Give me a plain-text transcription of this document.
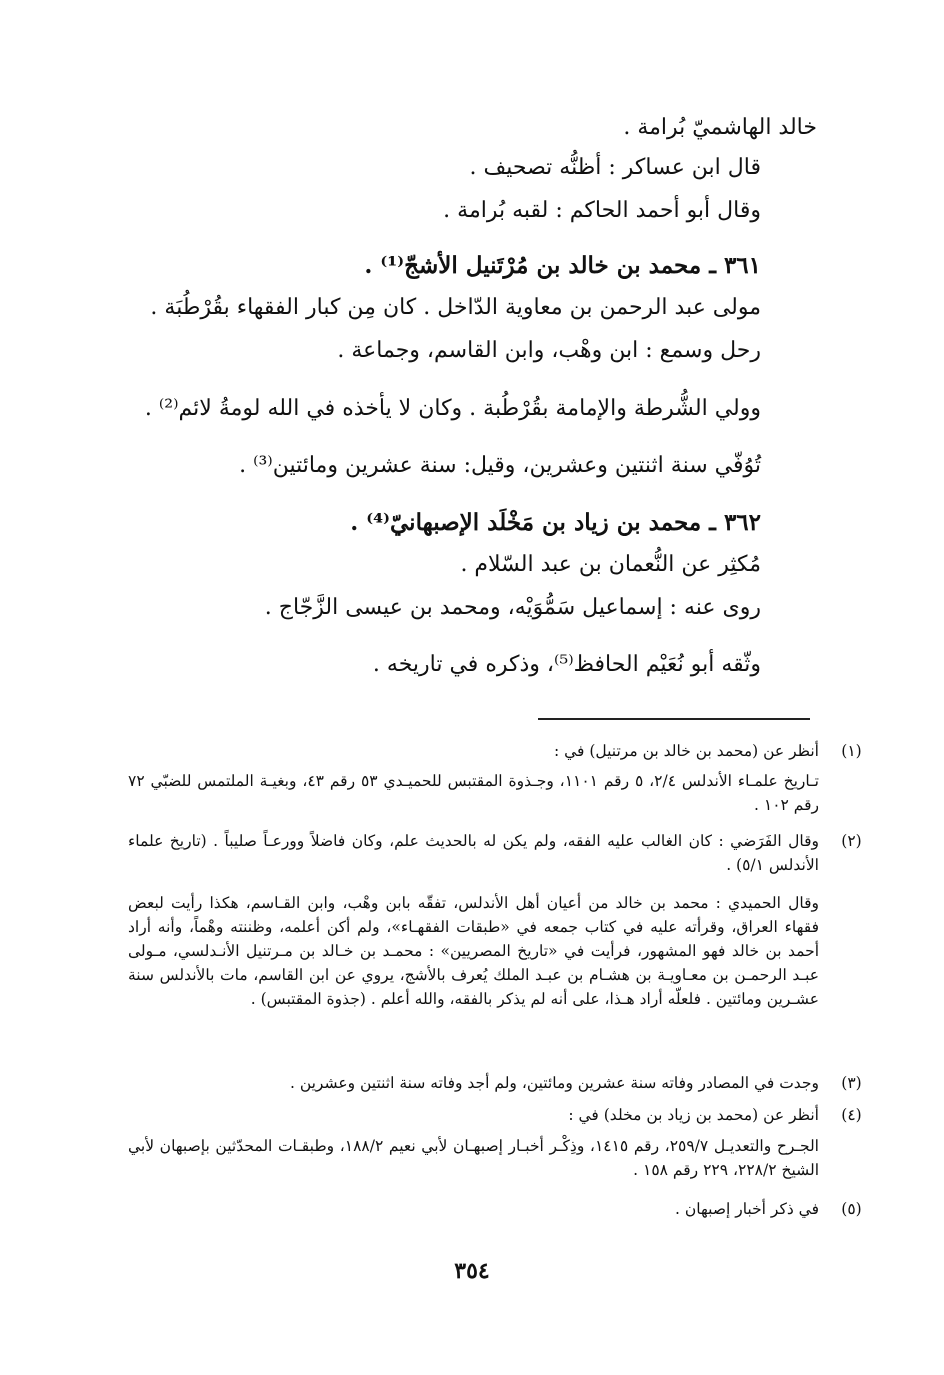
خالد الهاشميّ بُرامة .
قال ابن عساكر : أظنُّه تصحيف .
وقال أبو أحمد الحاكم : لقبه بُرامة .
٣٦١ ـ محمد بن خالد بن مُرْتَنيل الأشجّ⁽¹⁾ .
مولى عبد الرحمن بن معاوية الدّاخل . كان مِن كبار الفقهاء بقُرْطُبَة .
رحل وسمع : ابن وهْب، وابن القاسم، وجماعة .
وولي الشُّرطة والإمامة بقُرْطُبة . وكان لا يأخذه في الله لومةُ لائم⁽²⁾ .
تُوُفّي سنة اثنتين وعشرين، وقيل: سنة عشرين ومائتين⁽³⁾ .
٣٦٢ ـ محمد بن زياد بن مَخْلَد الإصبهانيّ⁽⁴⁾ .
مُكثِر عن النُّعمان بن عبد السّلام .
روى عنه : إسماعيل سَمُّوَيْه، ومحمد بن عيسى الزَّجّاج .
وثّقه أبو نُعَيْم الحافظ⁽⁵⁾، وذكره في تاريخه .
(١)
أنظر عن (محمد بن خالد بن مرتنيل) في :
تـاريخ علمـاء الأندلس ٢/٤، ٥ رقم ١١٠١، وجـذوة المقتبس للحميـدي ٥٣ رقم ٤٣، وبغيـة الملتمس للضبّي ٧٢ رقم ١٠٢ .
(٢)
وقال الفَرَضي : كان الغالب عليه الفقه، ولم يكن له بالحديث علم، وكان فاضلاً وورعـاً صليباً . (تاريخ علماء الأندلس ٥/١) .
وقال الحميدي : محمد بن خالد من أعيان أهل الأندلس، تفقّه بابن وهْب، وابن القـاسم، هكذا رأيت لبعض فقهاء العراق، وقرأته عليه في كتاب جمعه في «طبقات الفقهـاء»، ولم أكن أعلمه، وظننته وهْماً، وأنه أراد أحمد بن خالد فهو المشهور، فرأيت في «تاريخ المصريين» : محمـد بن خـالد بن مـرتنيل الأنـدلسي، مـولى عبـد الرحمـن بن معـاويـة بن هشـام بن عبـد الملك يُعرف بالأشج، يروي عن ابن القاسم، مات بالأندلس سنة عشـرين ومائتين . فلعلّه أراد هـذا، على أنه لم يذكر بالفقه، والله أعلم . (جذوة المقتبس) .
(٣)
وجدت في المصادر وفاته سنة عشرين ومائتين، ولم أجد وفاته سنة اثنتين وعشرين .
(٤)
أنظر عن (محمد بن زياد بن مخلد) في :
الجـرح والتعديـل ٢٥٩/٧، رقم ١٤١٥، وذِكْـر أخبـار إصبهـان لأبي نعيم ١٨٨/٢، وطبقـات المحدّثين بإصبهان لأبي الشيخ ٢٢٨/٢، ٢٢٩ رقم ١٥٨ .
(٥)
في ذكر أخبار إصبهان .
٣٥٤
